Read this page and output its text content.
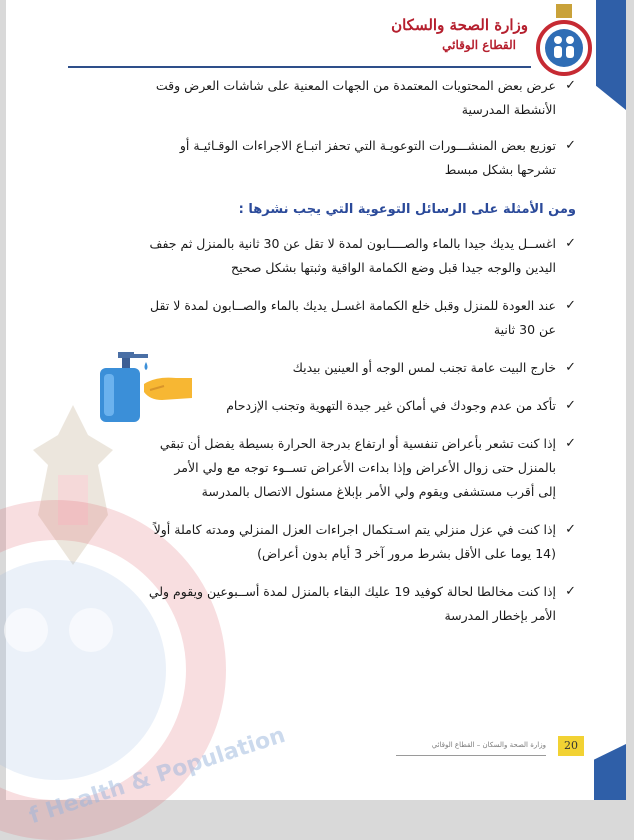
وزارة الصحة والسكان
القطاع الوقائي
f Health & Population
✓
عرض بعض المحتويات المعتمدة من الجهات المعنية على شاشات العرض وقت
الأنشطة المدرسية
✓
توزيع بعض المنشـــورات التوعويـة التي تحفز اتبـاع الاجراءات الوقـائيـة أو
تشرحها بشكل مبسط
ومن الأمثلة على الرسائل التوعوية التي يجب نشرها :
✓
اغســل يديك جيدا بالماء والصــــابون لمدة لا تقل عن 30 ثانية بالمنزل ثم جفف
اليدين والوجه جيدا قبل وضع الكمامة الواقية وثبتها بشكل صحيح
✓
عند العودة للمنزل وقبل خلع الكمامة اغسـل يديك بالماء والصــابون لمدة لا تقل
عن 30 ثانية
✓
خارج البيت عامة تجنب لمس الوجه أو العينين بيديك
✓
تأكد من عدم وجودك في أماكن غير جيدة التهوية وتجنب الإزدحام
✓
إذا كنت تشعر بأعراض تنفسية أو ارتفاع بدرجة الحرارة بسيطة يفضل أن تبقي
بالمنزل حتى زوال الأعراض وإذا بداءت الأعراض تســوء توجه مع ولي الأمر
إلى أقرب مستشفى ويقوم ولي الأمر بإبلاغ مسئول الاتصال بالمدرسة
✓
إذا كنت في عزل منزلي يتم اسـتكمال اجراءات العزل المنزلي ومدته كاملة أولاً
(14 يوما على الأقل بشرط مرور آخر 3 أيام بدون أعراض)
✓
إذا كنت مخالطا لحالة كوفيد 19 عليك البقاء بالمنزل لمدة أســبوعين ويقوم ولي
الأمر بإخطار المدرسة
وزارة الصحة والسكان – القطاع الوقائي	20
